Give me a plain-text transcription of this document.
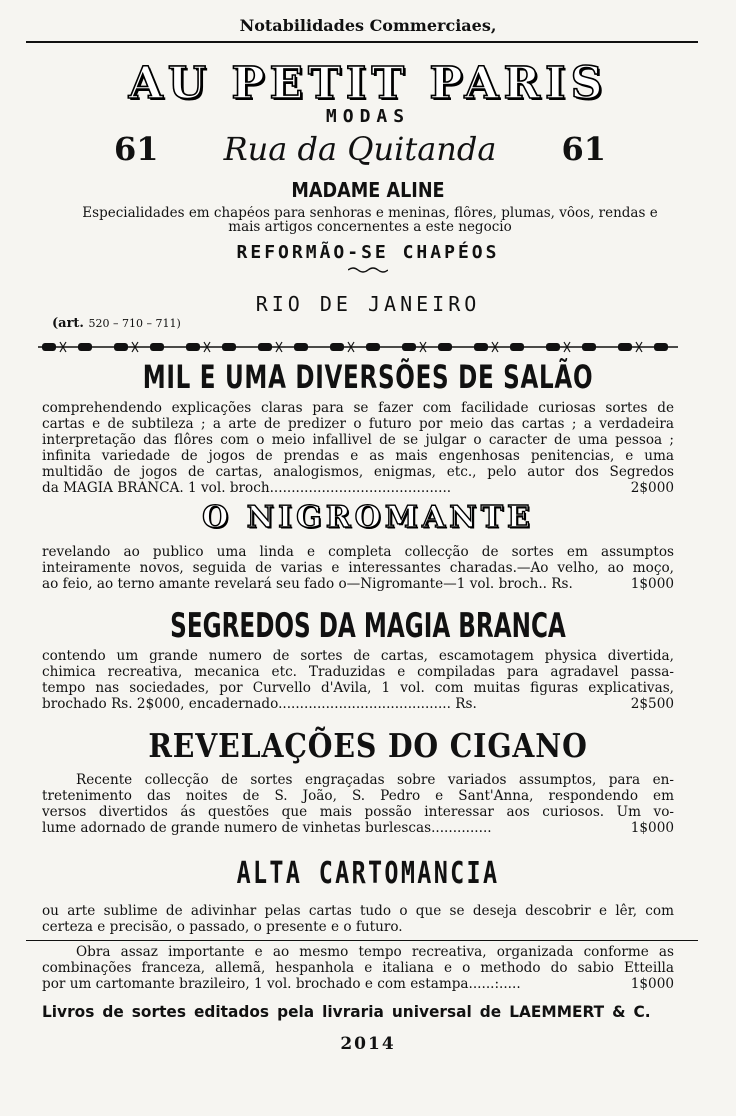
Notabilidades Commerciaes,
AU PETIT PARIS
MODAS
61	Rua da Quitanda	61
MADAME ALINE
Especialidades em chapéos para senhoras e meninas, flôres, plumas, vôos, rendas e
mais artigos concernentes a este negocio
REFORMÃO-SE CHAPÉOS
RIO DE JANEIRO
(art. 520 – 710 – 711)
MIL E UMA DIVERSÕES DE SALÃO
comprehendendo explicações claras para se fazer com facilidade curiosas sortes de
cartas e de subtileza ; a arte de predizer o futuro por meio das cartas ; a verdadeira
interpretação das flôres com o meio infallivel de se julgar o caracter de uma pessoa ;
infinita variedade de jogos de prendas e as mais engenhosas penitencias, e uma
multidão de jogos de cartas, analogismos, enigmas, etc., pelo autor dos Segredos
da MAGIA BRANCA. 1 vol. broch..........................................	2$000
O NIGROMANTE
revelando ao publico uma linda e completa collecção de sortes em assumptos
inteiramente novos, seguida de varias e interessantes charadas.—Ao velho, ao moço,
ao feio, ao terno amante revelará seu fado o—Nigromante—1 vol. broch.. Rs.	1$000
SEGREDOS DA MAGIA BRANCA
contendo um grande numero de sortes de cartas, escamotagem physica divertida,
chimica recreativa, mecanica etc. Traduzidas e compiladas para agradavel passa-
tempo nas sociedades, por Curvello d'Avila, 1 vol. com muitas figuras explicativas,
brochado Rs. 2$000, encadernado........................................ Rs.	2$500
REVELAÇÕES DO CIGANO
Recente collecção de sortes engraçadas sobre variados assumptos, para en-
tretenimento das noites de S. João, S. Pedro e Sant'Anna, respondendo em
versos divertidos ás questões que mais possão interessar aos curiosos. Um vo-
lume adornado de grande numero de vinhetas burlescas..............	1$000
ALTA CARTOMANCIA
ou arte sublime de adivinhar pelas cartas tudo o que se deseja descobrir e lêr, com
certeza e precisão, o passado, o presente e o futuro.
Obra assaz importante e ao mesmo tempo recreativa, organizada conforme as
combinações franceza, allemã, hespanhola e italiana e o methodo do sabio Etteilla
por um cartomante brazileiro, 1 vol. brochado e com estampa......:.....	1$000
Livros de sortes editados pela livraria universal de LAEMMERT & C.
2014
